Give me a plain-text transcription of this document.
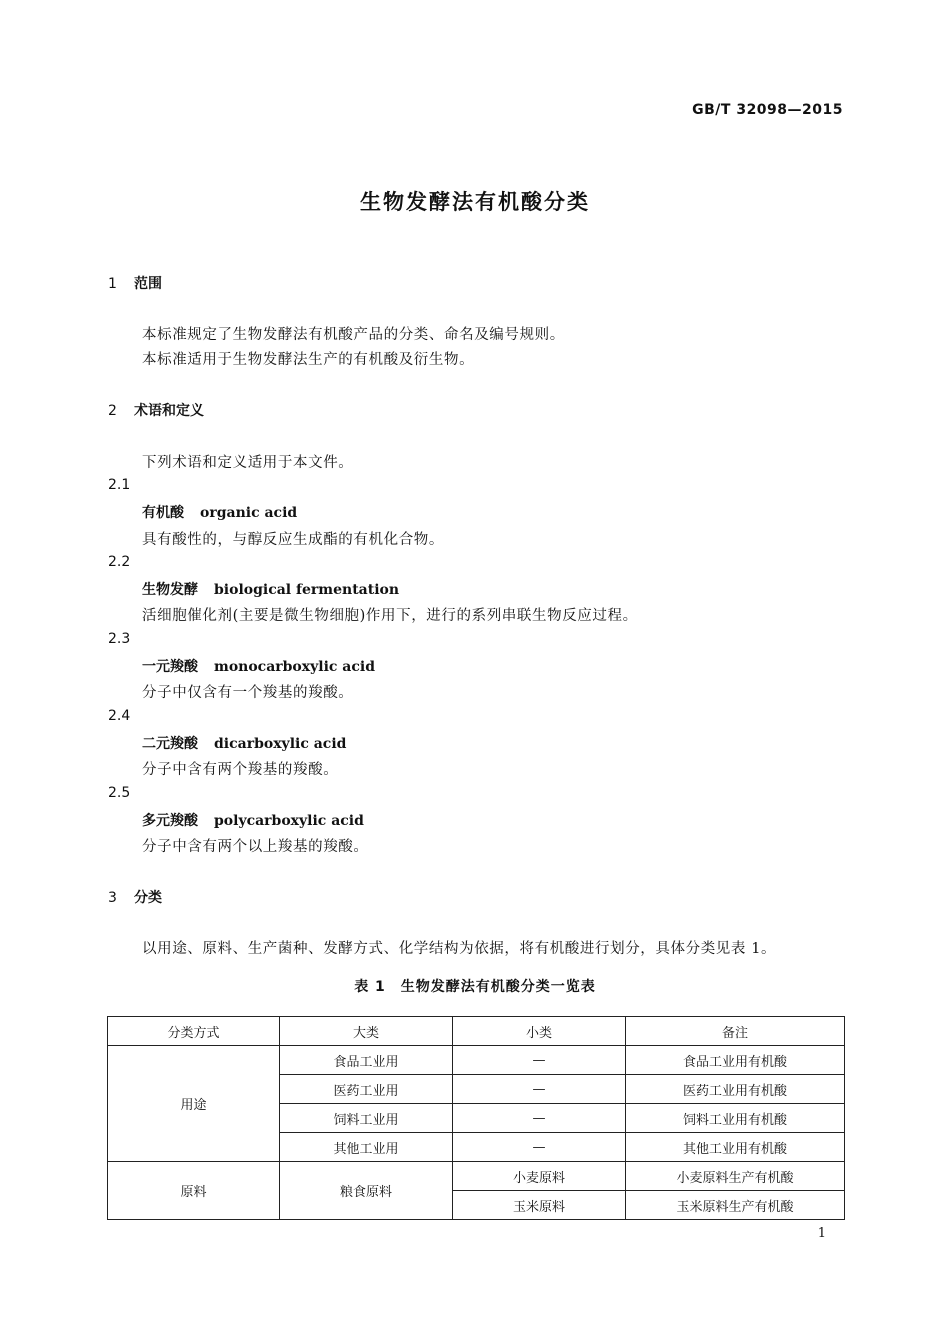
GB/T 32098—2015
生物发酵法有机酸分类
1 范围
本标准规定了生物发酵法有机酸产品的分类、命名及编号规则。
本标准适用于生物发酵法生产的有机酸及衍生物。
2 术语和定义
下列术语和定义适用于本文件。
2.1
有机酸 organic acid
具有酸性的，与醇反应生成酯的有机化合物。
2.2
生物发酵 biological fermentation
活细胞催化剂(主要是微生物细胞)作用下，进行的系列串联生物反应过程。
2.3
一元羧酸 monocarboxylic acid
分子中仅含有一个羧基的羧酸。
2.4
二元羧酸 dicarboxylic acid
分子中含有两个羧基的羧酸。
2.5
多元羧酸 polycarboxylic acid
分子中含有两个以上羧基的羧酸。
3 分类
以用途、原料、生产菌种、发酵方式、化学结构为依据，将有机酸进行划分，具体分类见表 1。
表 1　生物发酵法有机酸分类一览表
分类方式	大类	小类	备注
用途	食品工业用	—	食品工业用有机酸
	医药工业用	—	医药工业用有机酸
	饲料工业用	—	饲料工业用有机酸
	其他工业用	—	其他工业用有机酸
原料	粮食原料	小麦原料	小麦原料生产有机酸
		玉米原料	玉米原料生产有机酸
1
